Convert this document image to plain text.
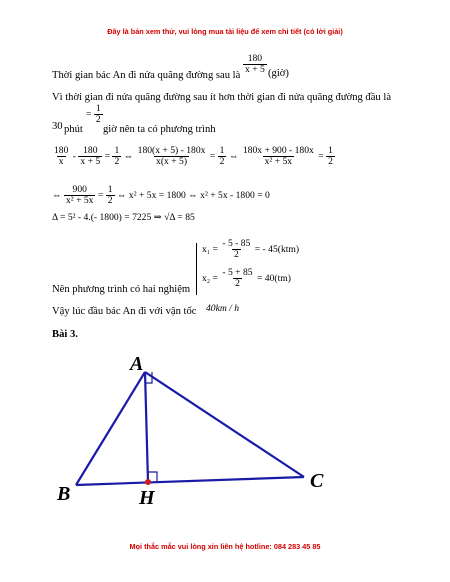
Đây là bản xem thử, vui lòng mua tài liệu để xem chi tiết (có lời giải)
Thời gian bác An đi nửa quãng đường sau là
$\frac{180}{x + 5}$ (giờ)
Vì thời gian đi nửa quãng đường sau ít hơn thời gian đi nửa quãng đường đầu là
30 phút
= $\frac{1}{2}$
giờ nên ta có phương trình
$\frac{180}{x} - \frac{180}{x + 5} = \frac{1}{2}$ ⇔ $\frac{180(x + 5) - 180x}{x(x + 5)} = \frac{1}{2}$ ⇔ $\frac{180x + 900 - 180x}{\text{x² + 5x}} = \frac{1}{2}$
⇔ $\frac{900}{\text{x² + 5x}} = \frac{1}{2}$ ⇔ x² + 5x = 1800 ⇔ x² + 5x - 1800 = 0
Δ = 5² - 4.(- 1800) = 7225 ⇒ √Δ = 85
$x_1 = \frac{- 5 - 85}{2}$ = - 45(ktm)
$x_2 = \frac{- 5 + 85}{2} = 40(tm)$
Nên phương trình có hai nghiệm
Vậy lúc đầu bác An đi với vận tốc 40km / h
Bài 3.
A
B
C
H
Mọi thắc mắc vui lòng xin liên hệ hotline: 084 283 45 85
